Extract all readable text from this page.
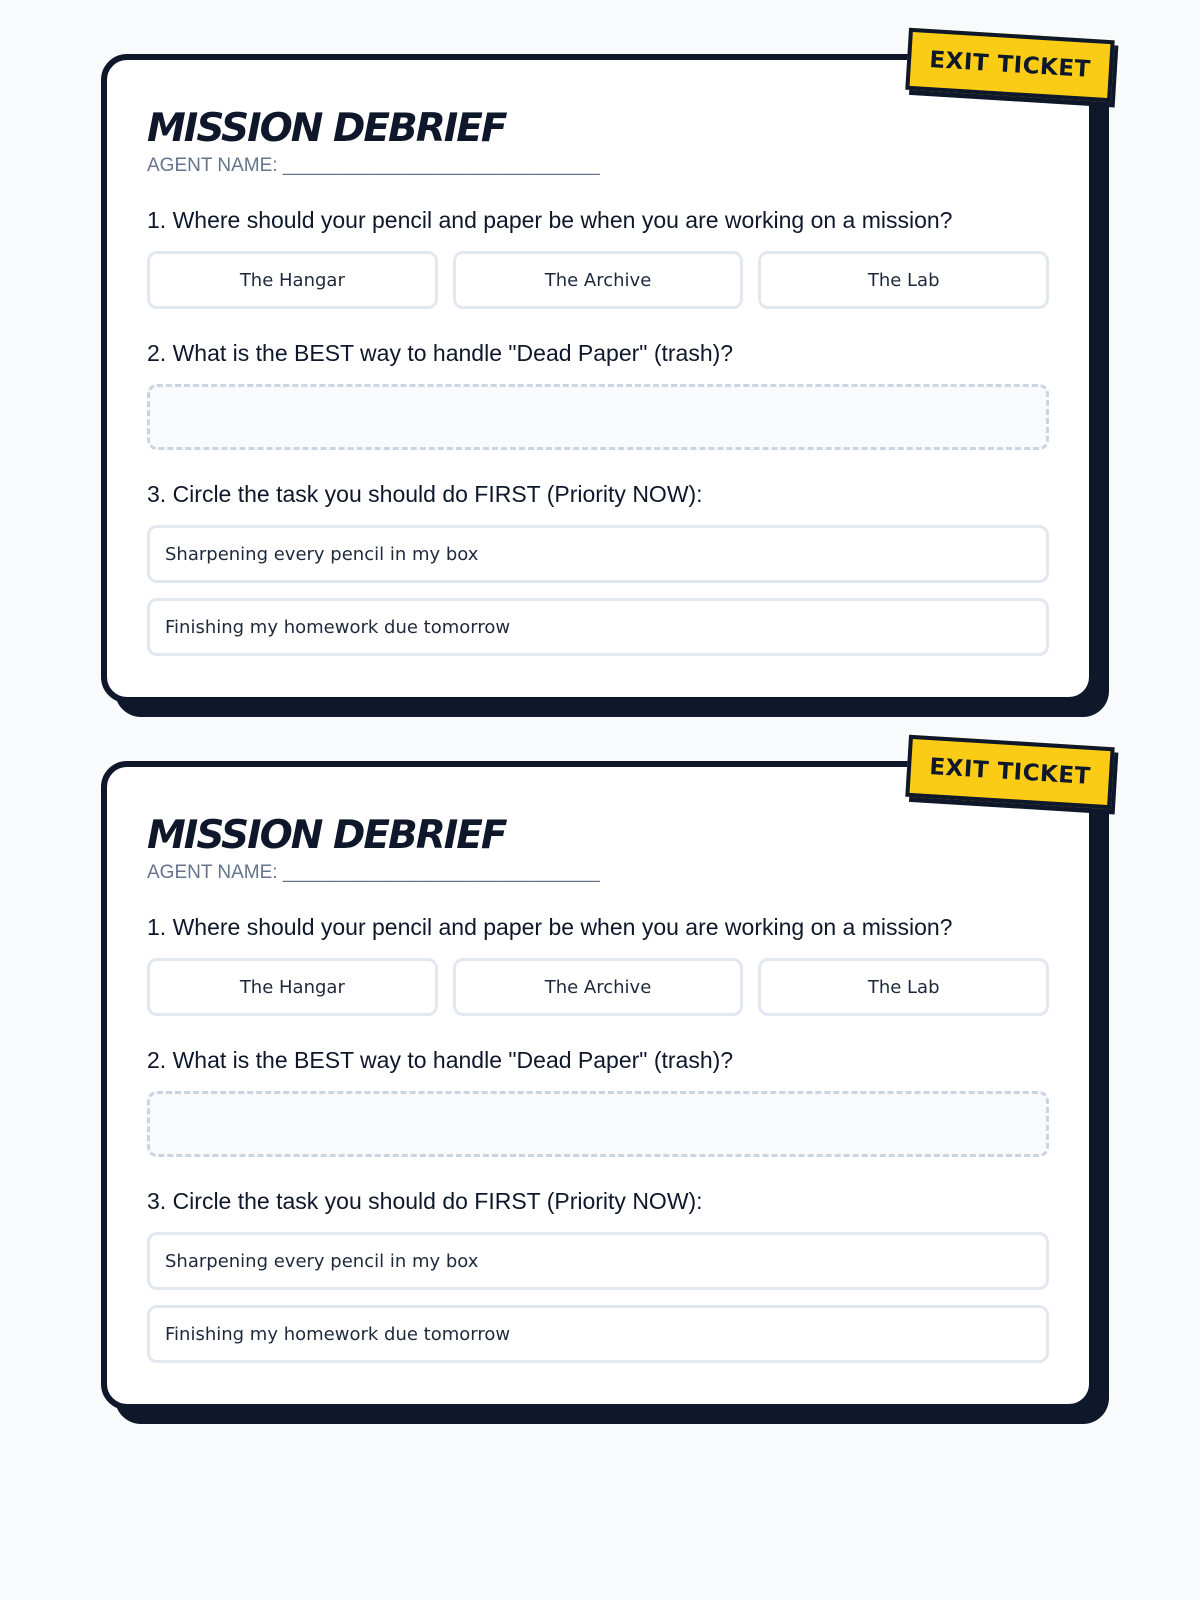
EXIT TICKET
MISSION DEBRIEF
AGENT NAME: ______________________________
1. Where should your pencil and paper be when you are working on a mission?
The Hangar	The Archive	The Lab
2. What is the BEST way to handle "Dead Paper" (trash)?
3. Circle the task you should do FIRST (Priority NOW):
Sharpening every pencil in my box
Finishing my homework due tomorrow
EXIT TICKET
MISSION DEBRIEF
AGENT NAME: ______________________________
1. Where should your pencil and paper be when you are working on a mission?
The Hangar	The Archive	The Lab
2. What is the BEST way to handle "Dead Paper" (trash)?
3. Circle the task you should do FIRST (Priority NOW):
Sharpening every pencil in my box
Finishing my homework due tomorrow
